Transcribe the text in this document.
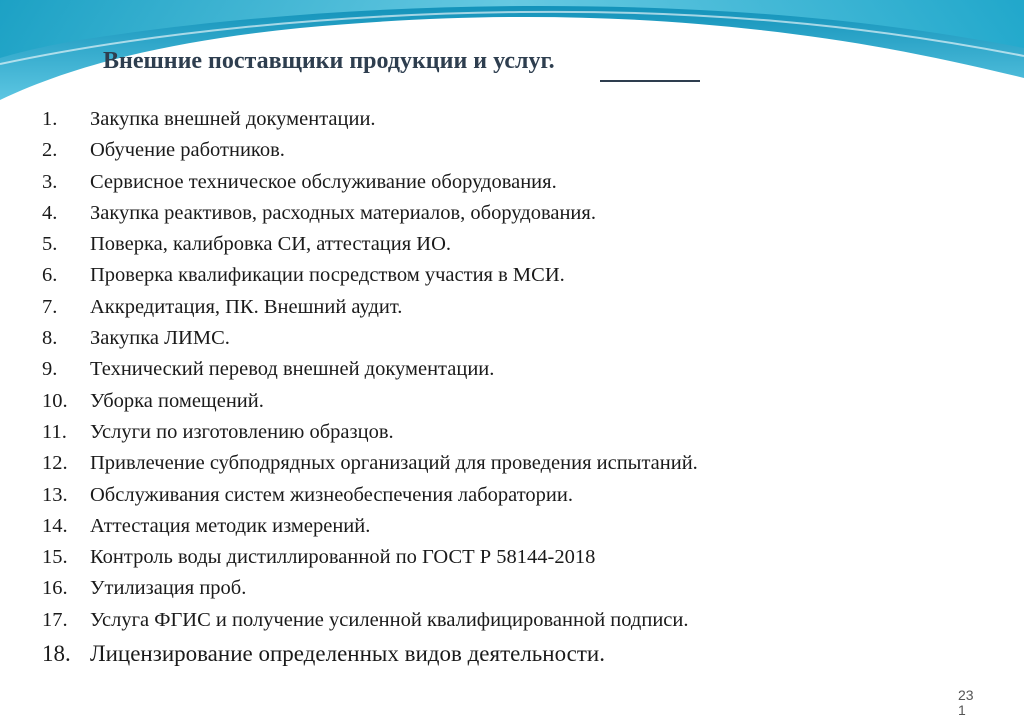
Внешние поставщики продукции и услуг.
1. Закупка внешней документации.
2. Обучение работников.
3. Сервисное техническое обслуживание оборудования.
4. Закупка реактивов, расходных материалов, оборудования.
5. Поверка, калибровка СИ, аттестация ИО.
6. Проверка квалификации посредством участия в МСИ.
7. Аккредитация, ПК. Внешний аудит.
8. Закупка ЛИМС.
9. Технический перевод внешней документации.
10. Уборка помещений.
11. Услуги по изготовлению образцов.
12. Привлечение субподрядных организаций для проведения испытаний.
13. Обслуживания систем жизнеобеспечения лаборатории.
14. Аттестация методик измерений.
15. Контроль воды дистиллированной по ГОСТ Р 58144-2018
16. Утилизация проб.
17. Услуга ФГИС и получение усиленной квалифицированной подписи.
18. Лицензирование определенных видов деятельности.
23
1
